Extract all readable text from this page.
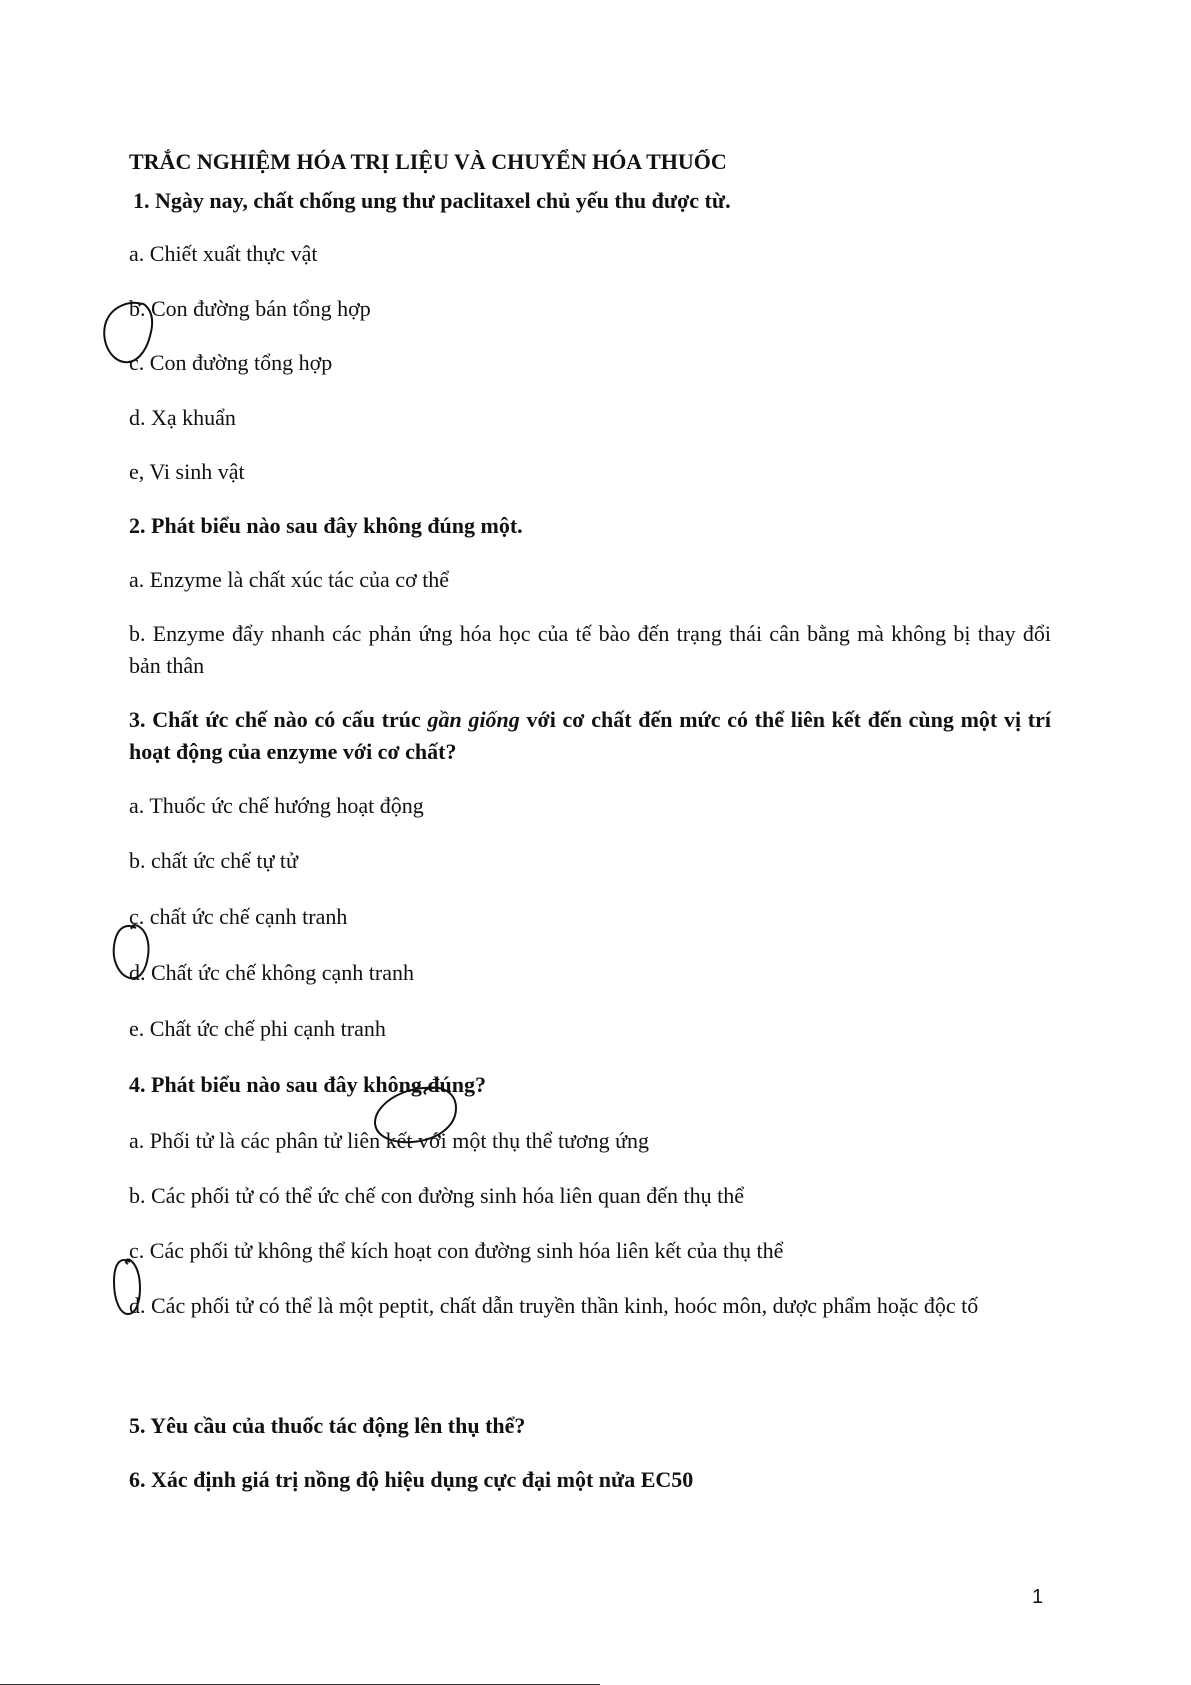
TRẮC NGHIỆM HÓA TRỊ LIỆU VÀ CHUYỂN HÓA THUỐC
1. Ngày nay, chất chống ung thư paclitaxel chủ yếu thu được từ.
a. Chiết xuất thực vật
b. Con đường bán tổng hợp
c. Con đường tổng hợp
d. Xạ khuẩn
e, Vi sinh vật
2. Phát biểu nào sau đây không đúng một.
a. Enzyme là chất xúc tác của cơ thể
b. Enzyme đẩy nhanh các phản ứng hóa học của tế bào đến trạng thái cân bằng mà không bị thay đổi bản thân
3. Chất ức chế nào có cấu trúc gần giống với cơ chất đến mức có thể liên kết đến cùng một vị trí hoạt động của enzyme với cơ chất?
a. Thuốc ức chế hướng hoạt động
b. chất ức chế tự tử
c. chất ức chế cạnh tranh
d. Chất ức chế không cạnh tranh
e. Chất ức chế phi cạnh tranh
4. Phát biểu nào sau đây không đúng?
a. Phối tử là các phân tử liên kết với một thụ thể tương ứng
b. Các phối tử có thể ức chế con đường sinh hóa liên quan đến thụ thể
c. Các phối tử không thể kích hoạt con đường sinh hóa liên kết của thụ thể
d. Các phối tử có thể là một peptit, chất dẫn truyền thần kinh, hoóc môn, dược phẩm hoặc độc tố
5. Yêu cầu của thuốc tác động lên thụ thể?
6. Xác định giá trị nồng độ hiệu dụng cực đại một nửa EC50
1
